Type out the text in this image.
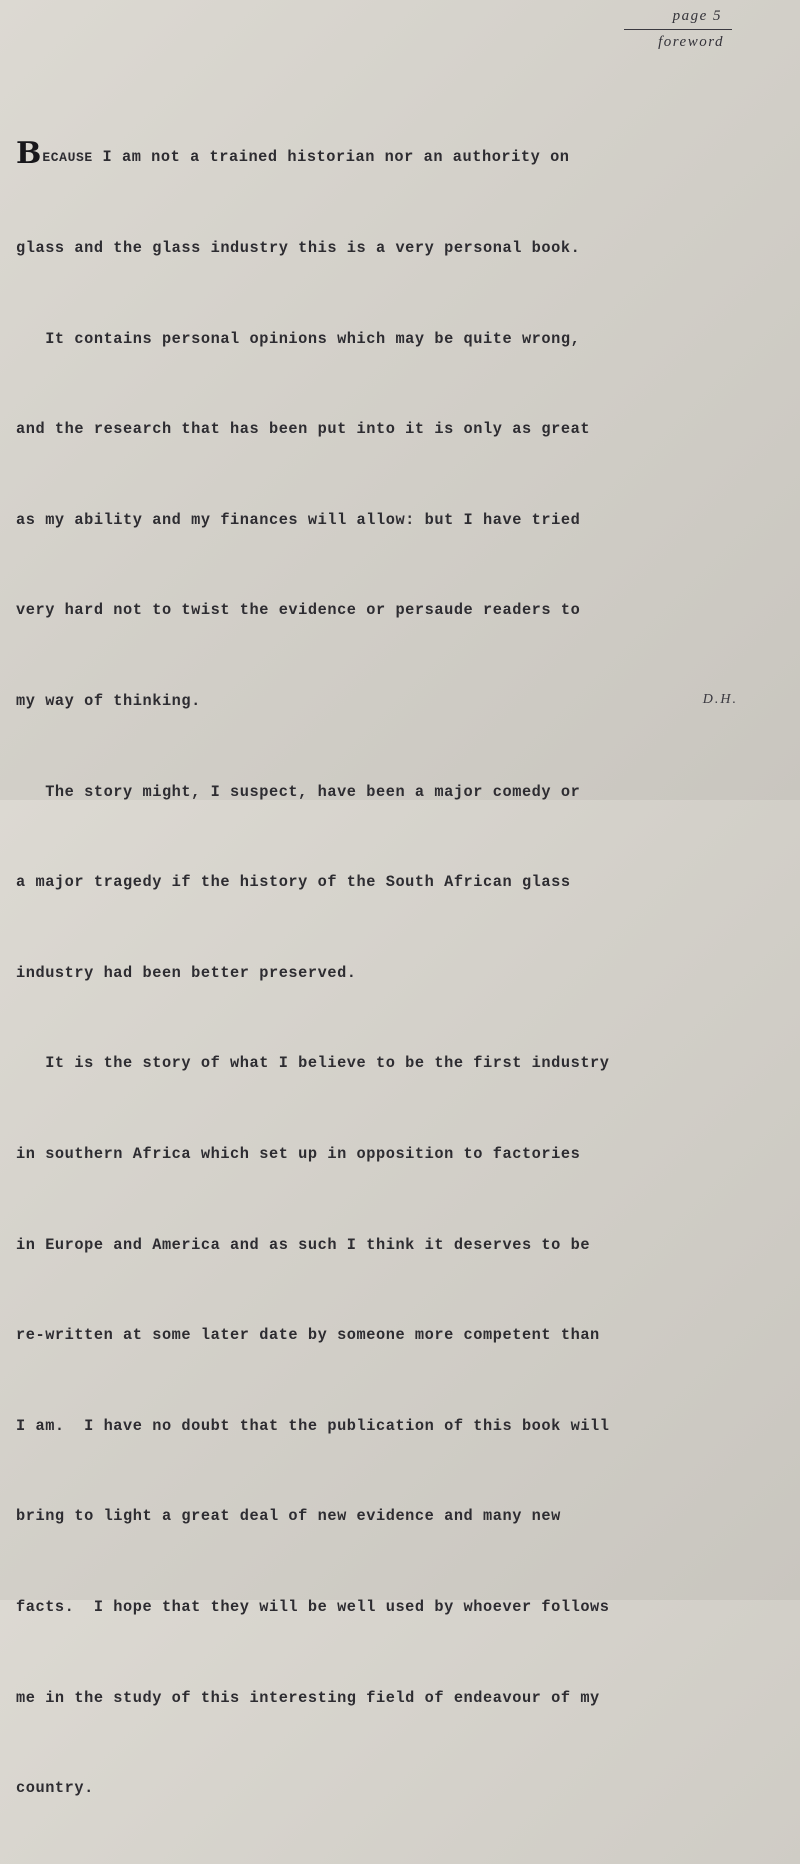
page 5
foreword

BECAUSE I am not a trained historian nor an authority on

glass and the glass industry this is a very personal book.

It contains personal opinions which may be quite wrong,

and the research that has been put into it is only as great

as my ability and my finances will allow: but I have tried

very hard not to twist the evidence or persaude readers to

my way of thinking.

The story might, I suspect, have been a major comedy or

a major tragedy if the history of the South African glass

industry had been better preserved.

It is the story of what I believe to be the first industry

in southern Africa which set up in opposition to factories

in Europe and America and as such I think it deserves to be

re-written at some later date by someone more competent than

I am.  I have no doubt that the publication of this book will

bring to light a great deal of new evidence and many new

facts.  I hope that they will be well used by whoever follows

me in the study of this interesting field of endeavour of my

country.

D.H.
